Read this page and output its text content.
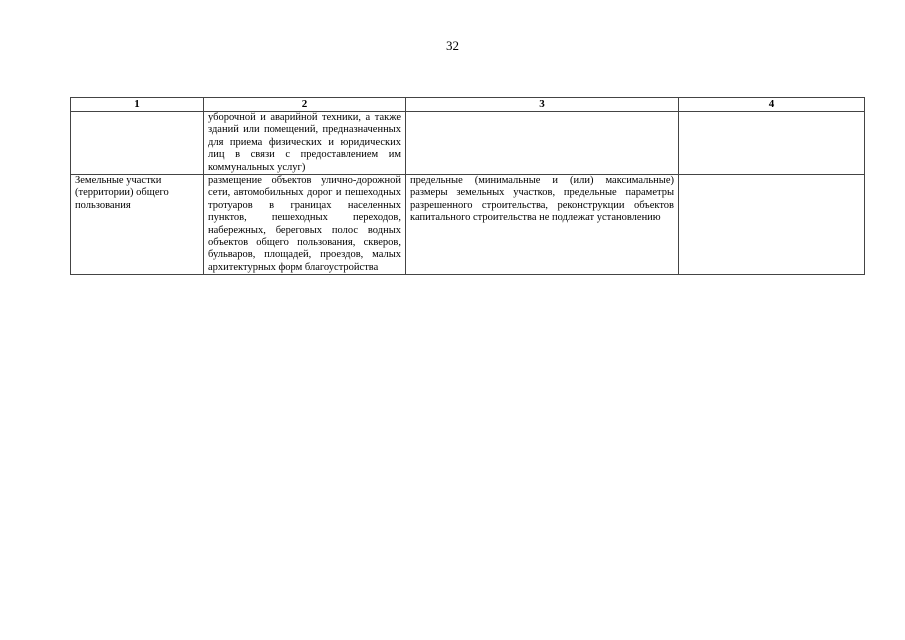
32
1	2	3	4
	уборочной и аварийной техники, а также зданий или помещений, предназначенных для приема физических и юридических лиц в связи с предоставлением им коммунальных услуг)		
Земельные участки (территории) общего пользования	размещение объектов улично-дорожной сети, автомобильных дорог и пешеходных тротуаров в границах населенных пунктов, пешеходных переходов, набережных, береговых полос водных объектов общего пользования, скверов, бульваров, площадей, проездов, малых архитектурных форм благоустройства	предельные (минимальные и (или) максимальные) размеры земельных участков, предельные параметры разрешенного строительства, реконструкции объектов капитального строительства не подлежат установлению	
